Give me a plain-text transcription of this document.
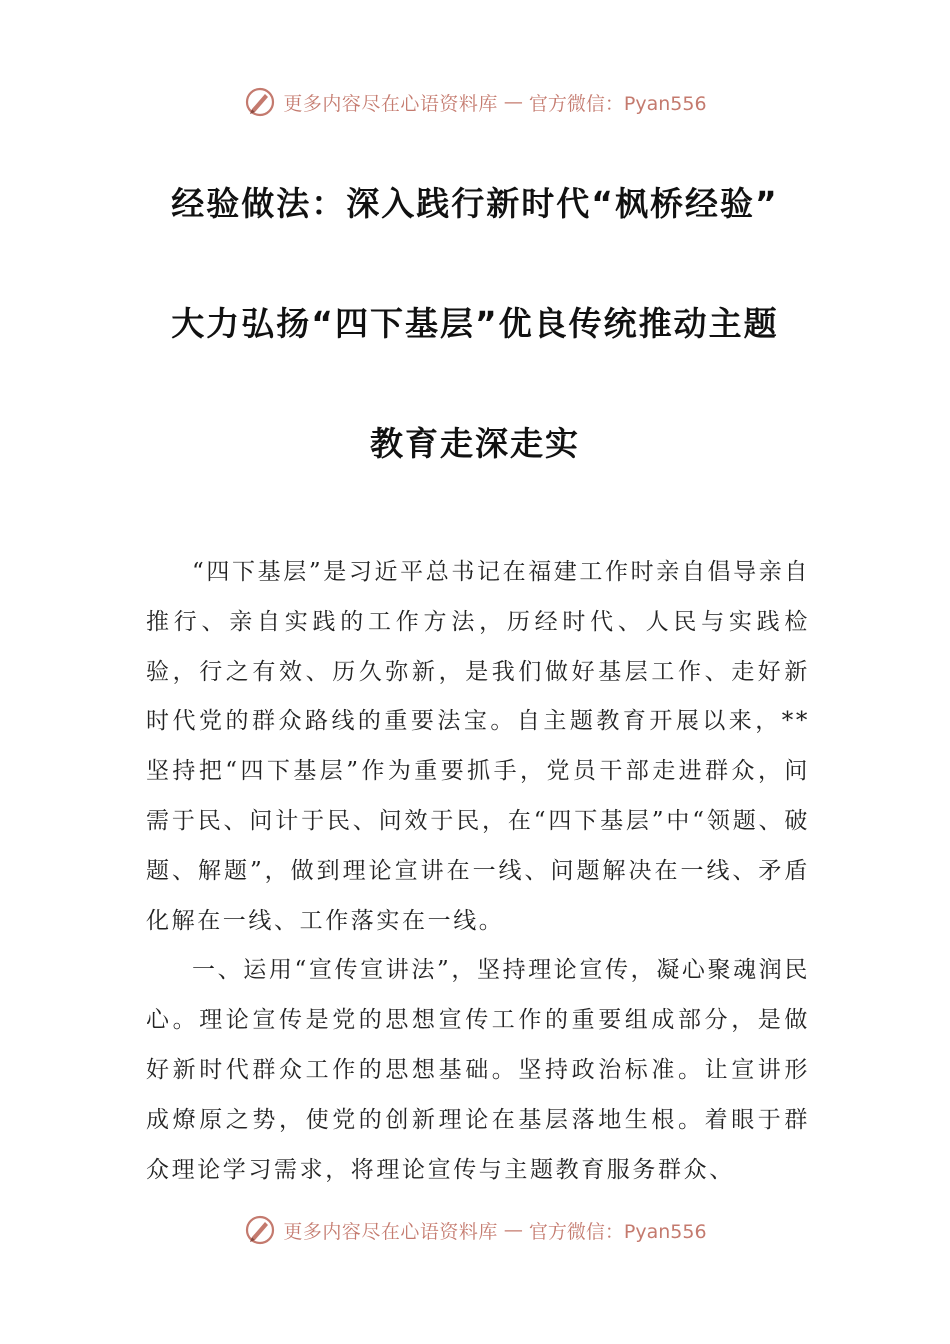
更多内容尽在心语资料库 — 官方微信：Pyan556
经验做法：深入践行新时代“枫桥经验”
大力弘扬“四下基层”优良传统推动主题
教育走深走实

“四下基层”是习近平总书记在福建工作时亲自倡导亲自推行、亲自实践的工作方法，历经时代、人民与实践检验，行之有效、历久弥新，是我们做好基层工作、走好新时代党的群众路线的重要法宝。自主题教育开展以来，**坚持把“四下基层”作为重要抓手，党员干部走进群众，问需于民、问计于民、问效于民，在“四下基层”中“领题、破题、解题”，做到理论宣讲在一线、问题解决在一线、矛盾化解在一线、工作落实在一线。

一、运用“宣传宣讲法”，坚持理论宣传，凝心聚魂润民心。理论宣传是党的思想宣传工作的重要组成部分，是做好新时代群众工作的思想基础。坚持政治标准。让宣讲形成燎原之势，使党的创新理论在基层落地生根。着眼于群众理论学习需求，将理论宣传与主题教育服务群众、

更多内容尽在心语资料库 — 官方微信：Pyan556
